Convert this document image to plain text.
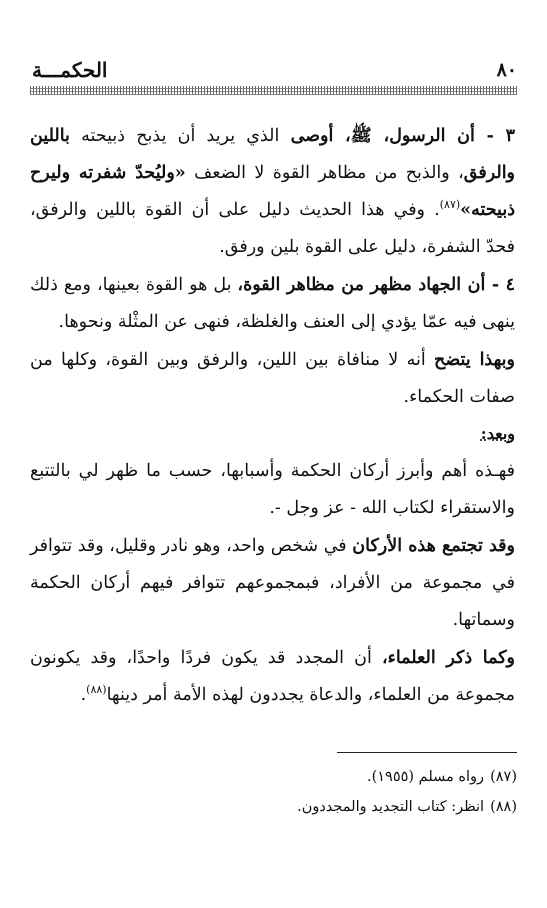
٨٠
الحكمـــة

٣ - أن الرسول، ﷺ، أوصى الذي يريد أن يذبح ذبيحته باللين والرفق، والذبح من مظاهر القوة لا الضعف «وليُحدّ شفرته وليرح ذبيحته»$^{(٨٧)}$. وفي هذا الحديث دليل على أن القوة باللين والرفق، فحدّ الشفرة، دليل على القوة بلين ورفق.

٤ - أن الجهاد مظهر من مظاهر القوة، بل هو القوة بعينها، ومع ذلك ينهى فيه عمّا يؤدي إلى العنف والغلظة، فنهى عن المثْلة ونحوها.

وبهذا يتضح أنه لا منافاة بين اللين، والرفق وبين القوة، وكلها من صفات الحكماء.

وبعد:

فهـذه أهم وأبرز أركان الحكمة وأسبابها، حسب ما ظهر لي بالتتبع والاستقراء لكتاب الله - عز وجل -.

وقد تجتمع هذه الأركان في شخص واحد، وهو نادر وقليل، وقد تتوافر في مجموعة من الأفراد، فبمجموعهم تتوافر فيهم أركان الحكمة وسماتها.

وكما ذكر العلماء، أن المجدد قد يكون فردًا واحدًا، وقد يكونون مجموعة من العلماء، والدعاة يجددون لهذه الأمة أمر دينها$^{(٨٨)}$.

(٨٧)رواه مسلم (١٩٥٥).

(٨٨)انظر: كتاب التجديد والمجددون.
